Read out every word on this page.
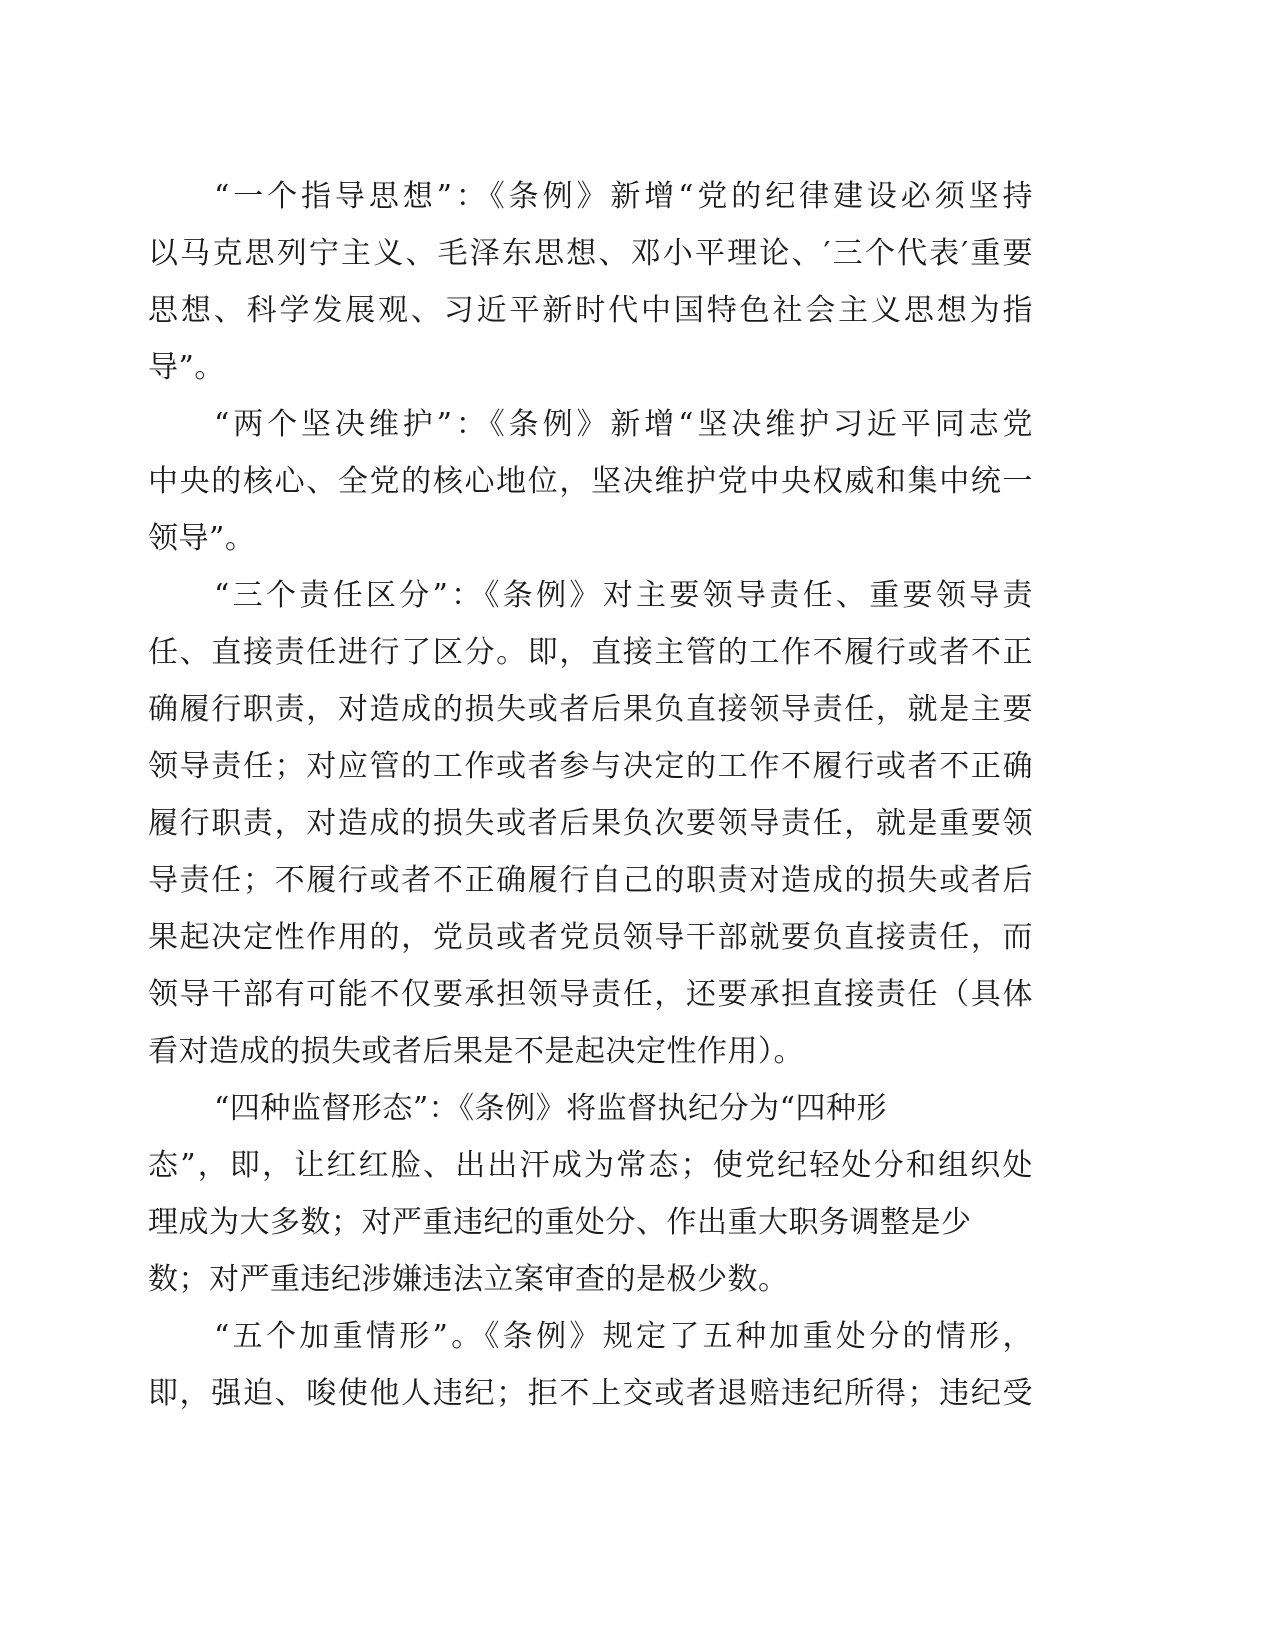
“一个指导思想”：《条例》新增“党的纪律建设必须坚持
以马克思列宁主义、毛泽东思想、邓小平理论、′三个代表′重要
思想、科学发展观、习近平新时代中国特色社会主义思想为指
导”。
“两个坚决维护”：《条例》新增“坚决维护习近平同志党
中央的核心、全党的核心地位，坚决维护党中央权威和集中统一
领导”。
“三个责任区分”：《条例》对主要领导责任、重要领导责
任、直接责任进行了区分。即，直接主管的工作不履行或者不正
确履行职责，对造成的损失或者后果负直接领导责任，就是主要
领导责任；对应管的工作或者参与决定的工作不履行或者不正确
履行职责，对造成的损失或者后果负次要领导责任，就是重要领
导责任；不履行或者不正确履行自己的职责对造成的损失或者后
果起决定性作用的，党员或者党员领导干部就要负直接责任，而
领导干部有可能不仅要承担领导责任，还要承担直接责任（具体
看对造成的损失或者后果是不是起决定性作用）。
“四种监督形态”：《条例》将监督执纪分为“四种形
态”，即，让红红脸、出出汗成为常态；使党纪轻处分和组织处
理成为大多数；对严重违纪的重处分、作出重大职务调整是少
数；对严重违纪涉嫌违法立案审查的是极少数。
“五个加重情形”。《条例》规定了五种加重处分的情形，
即，强迫、唆使他人违纪；拒不上交或者退赔违纪所得；违纪受
